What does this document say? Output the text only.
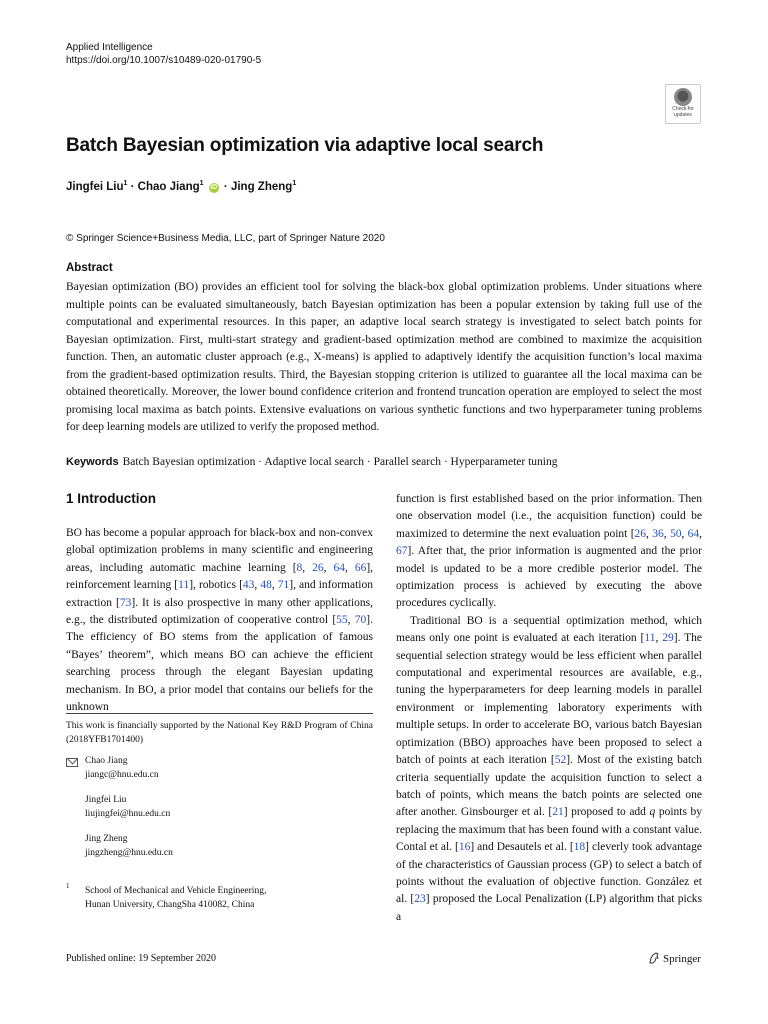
Applied Intelligence
https://doi.org/10.1007/s10489-020-01790-5
Check for
updates
Batch Bayesian optimization via adaptive local search
Jingfei Liu$^1$ · Chao Jiang$^1$ iD · Jing Zheng$^1$
© Springer Science+Business Media, LLC, part of Springer Nature 2020
Abstract

Bayesian optimization (BO) provides an efficient tool for solving the black-box global optimization problems. Under situations where multiple points can be evaluated simultaneously, batch Bayesian optimization has been a popular extension by taking full use of the computational and experimental resources. In this paper, an adaptive local search strategy is investigated to select batch points for Bayesian optimization. First, multi-start strategy and gradient-based optimization method are combined to maximize the acquisition function. Then, an automatic cluster approach (e.g., X-means) is applied to adaptively identify the acquisition function’s local maxima from the gradient-based optimization results. Third, the Bayesian stopping criterion is utilized to guarantee all the local maxima can be obtained theoretically. Moreover, the lower bound confidence criterion and frontend truncation operation are employed to select the most promising local maxima as batch points. Extensive evaluations on various synthetic functions and two hyperparameter tuning problems for deep learning models are utilized to verify the proposed method.

Keywords Batch Bayesian optimization · Adaptive local search · Parallel search · Hyperparameter tuning
1 Introduction

BO has become a popular approach for black-box and non-convex global optimization problems in many scientific and engineering areas, including automatic machine learning [8, 26, 64, 66], reinforcement learning [11], robotics [43, 48, 71], and information extraction [73]. It is also prospective in many other applications, e.g., the distributed optimization of cooperative control [55, 70]. The efficiency of BO stems from the application of famous “Bayes’ theorem”, which means BO can achieve the efficient searching process through the elegant Bayesian updating mechanism. In BO, a prior model that contains our beliefs for the unknown

This work is financially supported by the National Key R&D Program of China (2018YFB1701400)

Chao Jiang
jiangc@hnu.edu.cn
Jingfei Liu
liujingfei@hnu.edu.cn
Jing Zheng
jingzheng@hnu.edu.cn
1 School of Mechanical and Vehicle Engineering,
Hunan University, ChangSha 410082, China

function is first established based on the prior information. Then one observation model (i.e., the acquisition function) could be maximized to determine the next evaluation point [26, 36, 50, 64, 67]. After that, the prior information is augmented and the prior model is updated to be a more credible posterior model. The optimization process is achieved by executing the above procedures cyclically.

Traditional BO is a sequential optimization method, which means only one point is evaluated at each iteration [11, 29]. The sequential selection strategy would be less efficient when parallel computational and experimental resources are available, e.g., tuning the hyperparameters for deep learning models in parallel environment or implementing laboratory experiments with multiple setups. In order to accelerate BO, various batch Bayesian optimization (BBO) approaches have been proposed to select a batch of points at each iteration [52]. Most of the existing batch criteria sequentially update the acquisition function to select a batch of points, which means the batch points are selected one after another. Ginsbourger et al. [21] proposed to add q points by replacing the maximum that has been found with a constant value. Contal et al. [16] and Desautels et al. [18] cleverly took advantage of the characteristics of Gaussian process (GP) to select a batch of points without the evaluation of objective function. González et al. [23] proposed the Local Penalization (LP) algorithm that picks a

Published online: 19 September 2020	Springer
